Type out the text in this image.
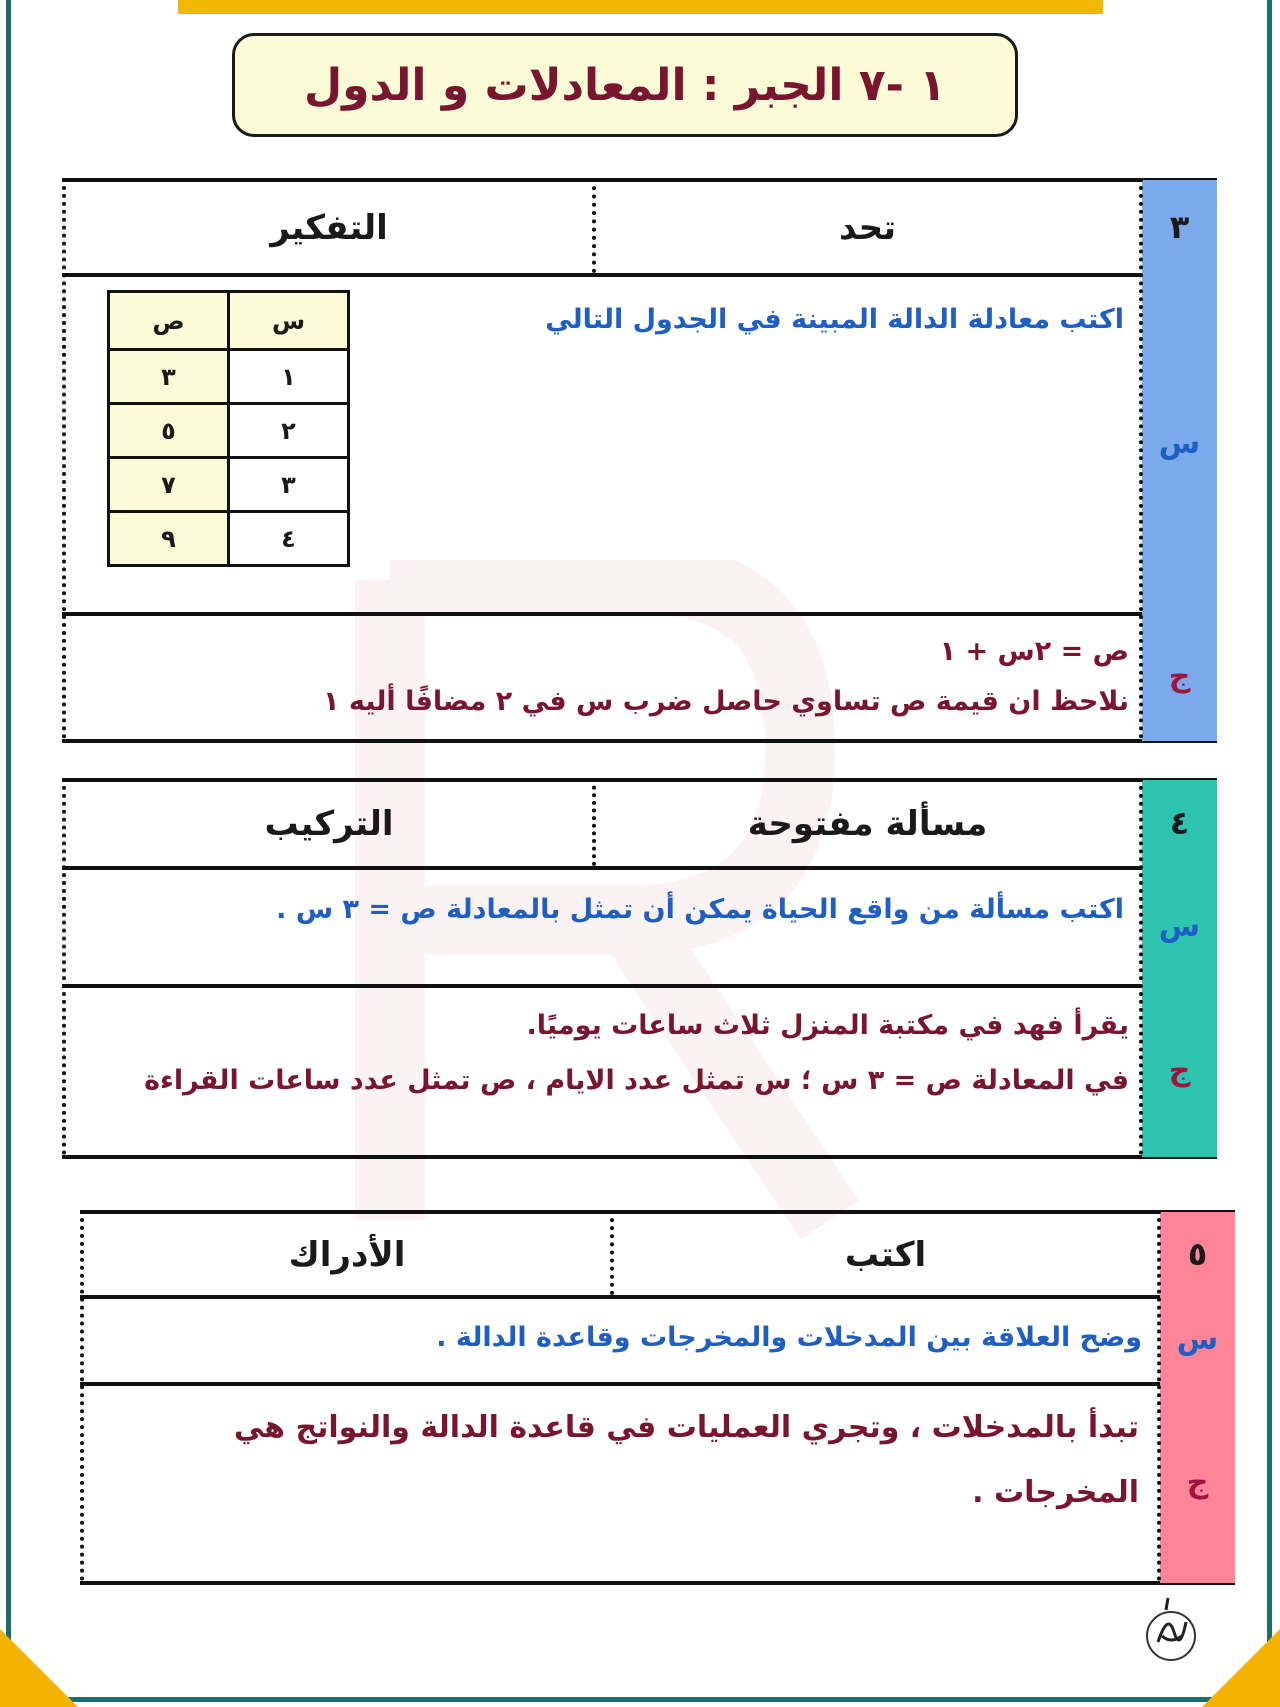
١ -٧ الجبر : المعادلات و الدول
٣
س
ج
تحد
التفكير
اكتب معادلة الدالة المبينة في الجدول التالي
س	ص
١	٣
٢	٥
٣	٧
٤	٩
ص = ٢س + ١
نلاحظ ان قيمة ص تساوي حاصل ضرب س في ٢ مضافًا أليه ١
٤
س
ج
مسألة مفتوحة
التركيب
اكتب مسألة من واقع الحياة يمكن أن تمثل بالمعادلة ص = ٣ س .
يقرأ فهد في مكتبة المنزل ثلاث ساعات يوميًا.
في المعادلة ص = ٣ س ؛ س تمثل عدد الايام ، ص تمثل عدد ساعات القراءة
٥
س
ج
اكتب
الأدراك
وضح العلاقة بين المدخلات والمخرجات وقاعدة الدالة .
تبدأ بالمدخلات ، وتجري العمليات في قاعدة الدالة والنواتج هي
المخرجات .
